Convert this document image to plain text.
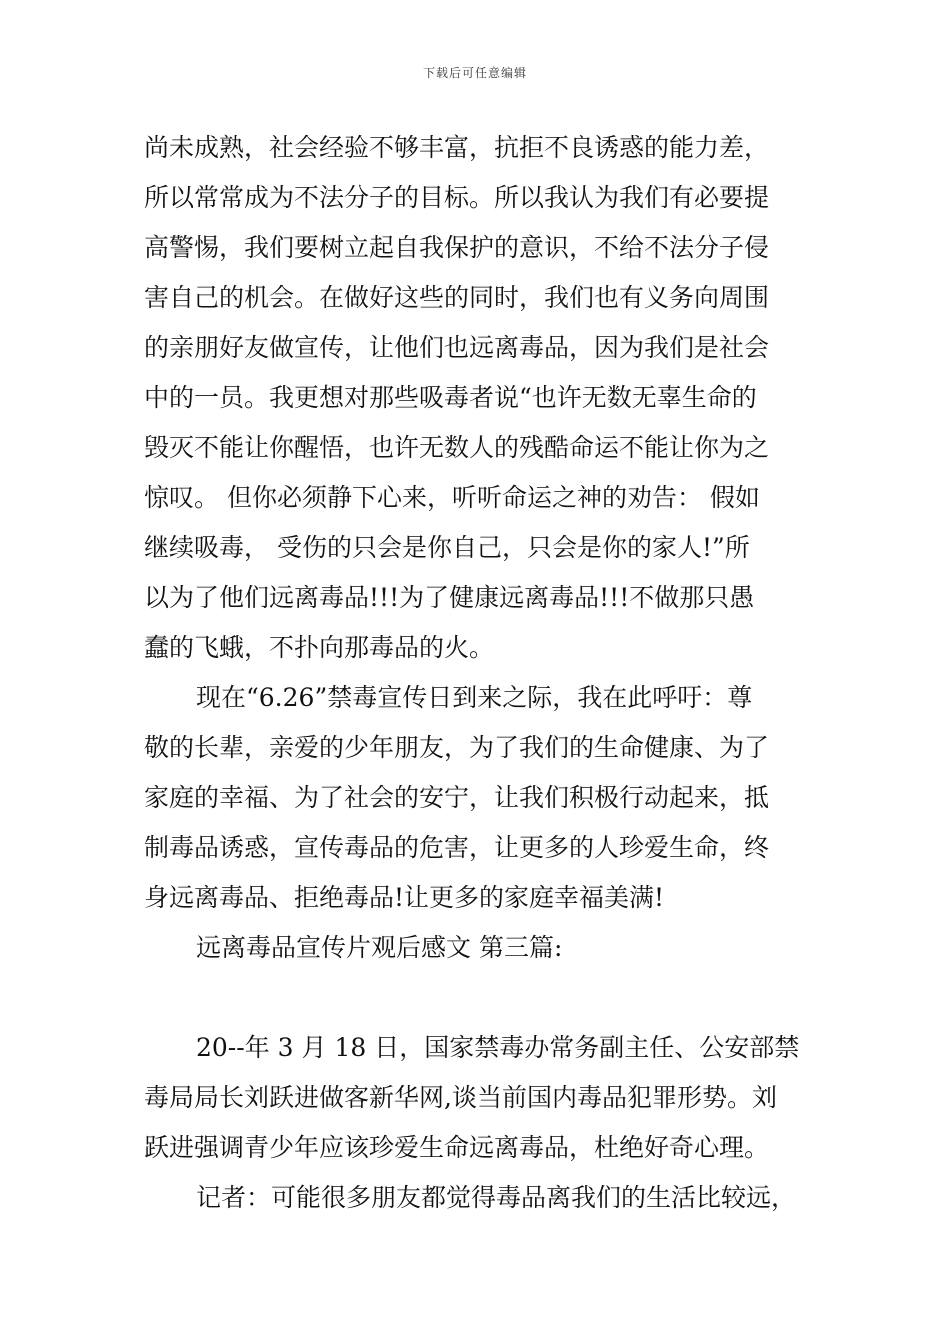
下载后可任意编辑
尚未成熟，社会经验不够丰富，抗拒不良诱惑的能力差，
所以常常成为不法分子的目标。所以我认为我们有必要提
高警惕，我们要树立起自我保护的意识，不给不法分子侵
害自己的机会。在做好这些的同时，我们也有义务向周围
的亲朋好友做宣传，让他们也远离毒品，因为我们是社会
中的一员。我更想对那些吸毒者说“也许无数无辜生命的
毁灭不能让你醒悟，也许无数人的残酷命运不能让你为之
惊叹。 但你必须静下心来，听听命运之神的劝告： 假如
继续吸毒， 受伤的只会是你自己，只会是你的家人!”所
以为了他们远离毒品!!!为了健康远离毒品!!!不做那只愚
蠢的飞蛾，不扑向那毒品的火。
现在“6.26”禁毒宣传日到来之际，我在此呼吁：尊
敬的长辈，亲爱的少年朋友，为了我们的生命健康、为了
家庭的幸福、为了社会的安宁，让我们积极行动起来，抵
制毒品诱惑，宣传毒品的危害，让更多的人珍爱生命，终
身远离毒品、拒绝毒品!让更多的家庭幸福美满!
远离毒品宣传片观后感文 第三篇:
20--年 3 月 18 日，国家禁毒办常务副主任、公安部禁
毒局局长刘跃进做客新华网,谈当前国内毒品犯罪形势。刘
跃进强调青少年应该珍爱生命远离毒品，杜绝好奇心理。
记者：可能很多朋友都觉得毒品离我们的生活比较远，
